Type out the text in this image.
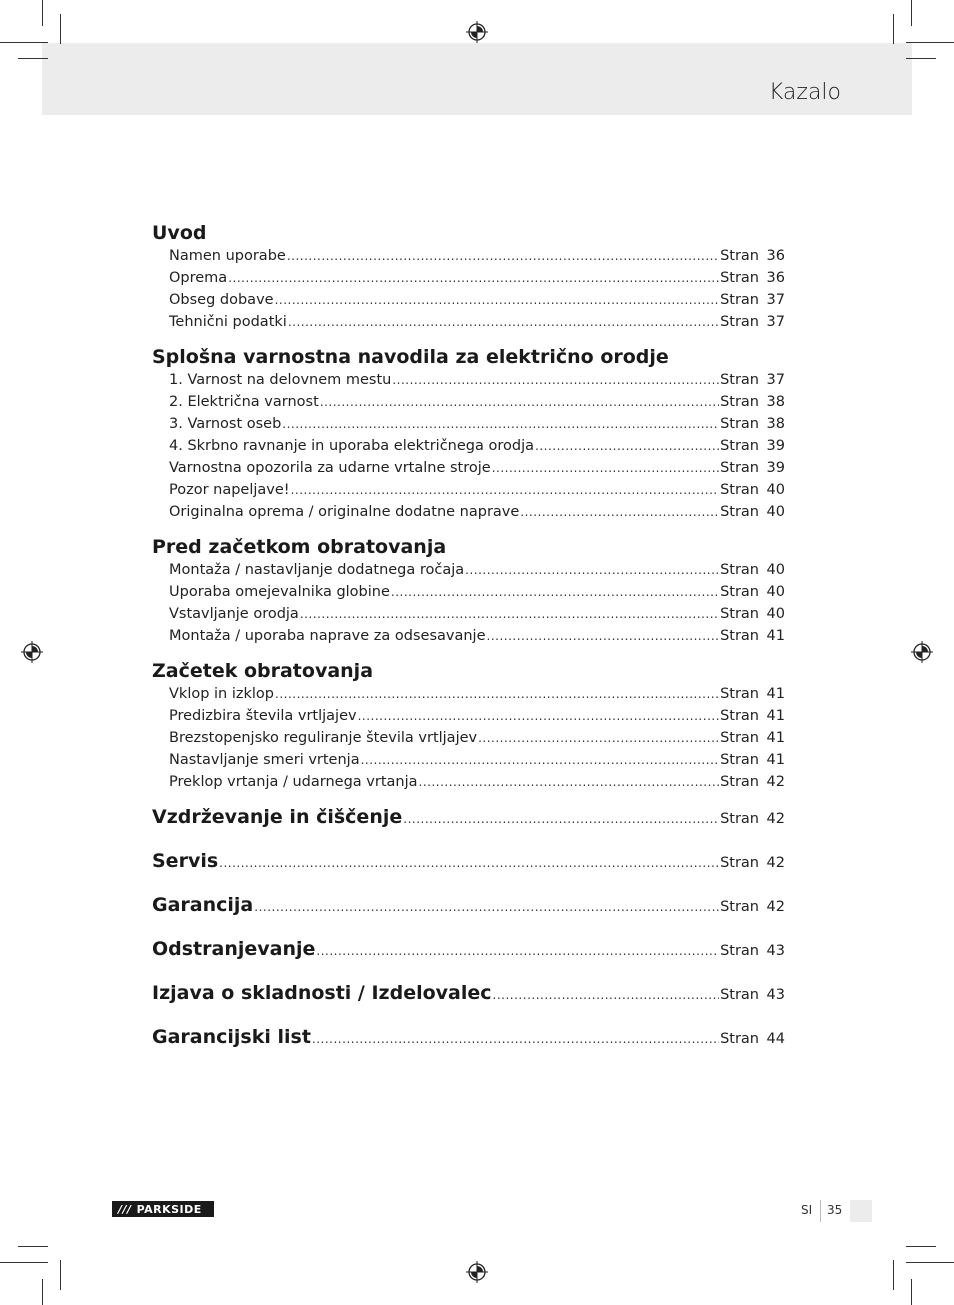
Kazalo
Uvod
Namen uporabe .....	Stran 36
Oprema .....	Stran 36
Obseg dobave .....	Stran 37
Tehnični podatki .....	Stran 37
Splošna varnostna navodila za električno orodje
1. Varnost na delovnem mestu .....	Stran 37
2. Električna varnost .....	Stran 38
3. Varnost oseb .....	Stran 38
4. Skrbno ravnanje in uporaba električnega orodja .....	Stran 39
Varnostna opozorila za udarne vrtalne stroje .....	Stran 39
Pozor napeljave! .....	Stran 40
Originalna oprema / originalne dodatne naprave .....	Stran 40
Pred začetkom obratovanja
Montaža / nastavljanje dodatnega ročaja .....	Stran 40
Uporaba omejevalnika globine .....	Stran 40
Vstavljanje orodja .....	Stran 40
Montaža / uporaba naprave za odsesavanje .....	Stran 41
Začetek obratovanja
Vklop in izklop .....	Stran 41
Predizbira števila vrtljajev .....	Stran 41
Brezstopenjsko reguliranje števila vrtljajev .....	Stran 41
Nastavljanje smeri vrtenja .....	Stran 41
Preklop vrtanja / udarnega vrtanja .....	Stran 42
Vzdrževanje in čiščenje .....	Stran 42
Servis .....	Stran 42
Garancija .....	Stran 42
Odstranjevanje .....	Stran 43
Izjava o skladnosti / Izdelovalec .....	Stran 43
Garancijski list .....	Stran 44
/// PARKSIDE	SI 35
